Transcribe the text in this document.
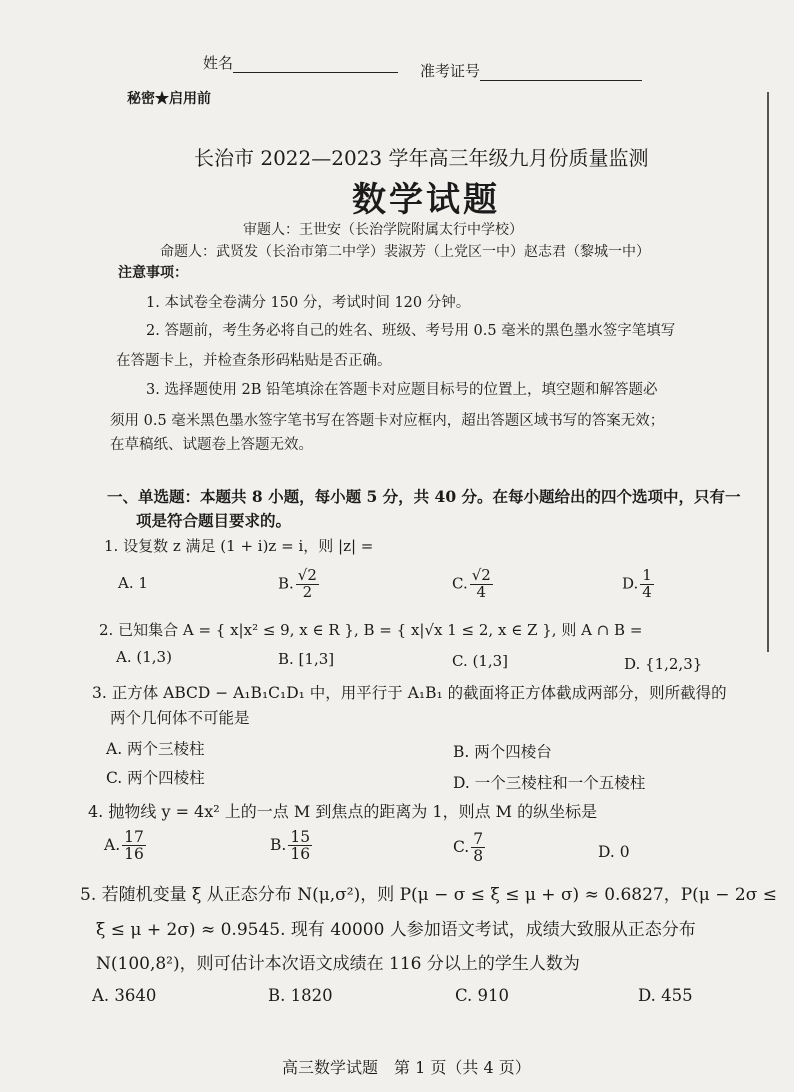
姓名	准考证号
秘密★启用前
长治市 2022—2023 学年高三年级九月份质量监测
数学试题
审题人：王世安（长治学院附属太行中学校）
命题人：武贤发（长治市第二中学）裴淑芳（上党区一中）赵志君（黎城一中）
注意事项：
1. 本试卷全卷满分 150 分，考试时间 120 分钟。
2. 答题前，考生务必将自己的姓名、班级、考号用 0.5 毫米的黑色墨水签字笔填写
在答题卡上，并检查条形码粘贴是否正确。
3. 选择题使用 2B 铅笔填涂在答题卡对应题目标号的位置上，填空题和解答题必
须用 0.5 毫米黑色墨水签字笔书写在答题卡对应框内，超出答题区域书写的答案无效；
在草稿纸、试题卷上答题无效。
一、单选题：本题共 8 小题，每小题 5 分，共 40 分。在每小题给出的四个选项中，只有一
项是符合题目要求的。
1. 设复数 z 满足 (1 + i)z = i，则 |z| =
A. 1	B. $\frac{√2}{2}$	C. $\frac{√2}{4}$	D. $\frac{1}{4}$
2. 已知集合 A = { x|x² ≤ 9, x ∈ R }, B = { x|√x 1 ≤ 2, x ∈ Z }, 则 A ∩ B =
A. (1,3)	B. [1,3]	C. (1,3]	D. {1,2,3}
3. 正方体 ABCD − A₁B₁C₁D₁ 中，用平行于 A₁B₁ 的截面将正方体截成两部分，则所截得的
两个几何体不可能是
A. 两个三棱柱	B. 两个四棱台
C. 两个四棱柱	D. 一个三棱柱和一个五棱柱
4. 抛物线 y = 4x² 上的一点 M 到焦点的距离为 1，则点 M 的纵坐标是
A. $\frac{17}{16}$	B. $\frac{15}{16}$	C. $\frac{7}{8}$	D. 0
5. 若随机变量 ξ 从正态分布 N(μ,σ²)，则 P(μ − σ ≤ ξ ≤ μ + σ) ≈ 0.6827，P(μ − 2σ ≤
ξ ≤ μ + 2σ) ≈ 0.9545. 现有 40000 人参加语文考试，成绩大致服从正态分布
N(100,8²)，则可估计本次语文成绩在 116 分以上的学生人数为
A. 3640	B. 1820	C. 910	D. 455
高三数学试题　第 1 页（共 4 页）
